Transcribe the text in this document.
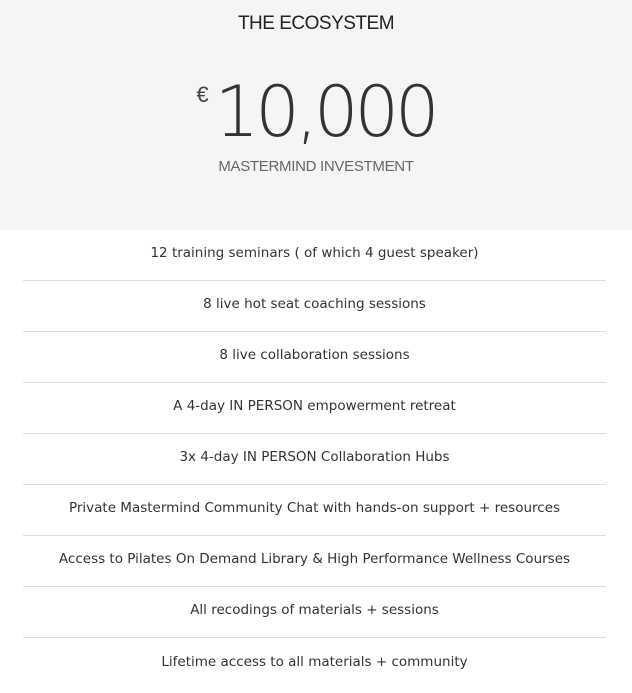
THE ECOSYSTEM
€10,000
MASTERMIND INVESTMENT
12 training seminars ( of which 4 guest speaker)
8 live hot seat coaching sessions
8 live collaboration sessions
A 4-day IN PERSON empowerment retreat
3x 4-day IN PERSON Collaboration Hubs
Private Mastermind Community Chat with hands-on support + resources
Access to Pilates On Demand Library & High Performance Wellness Courses
All recodings of materials + sessions
Lifetime access to all materials + community
